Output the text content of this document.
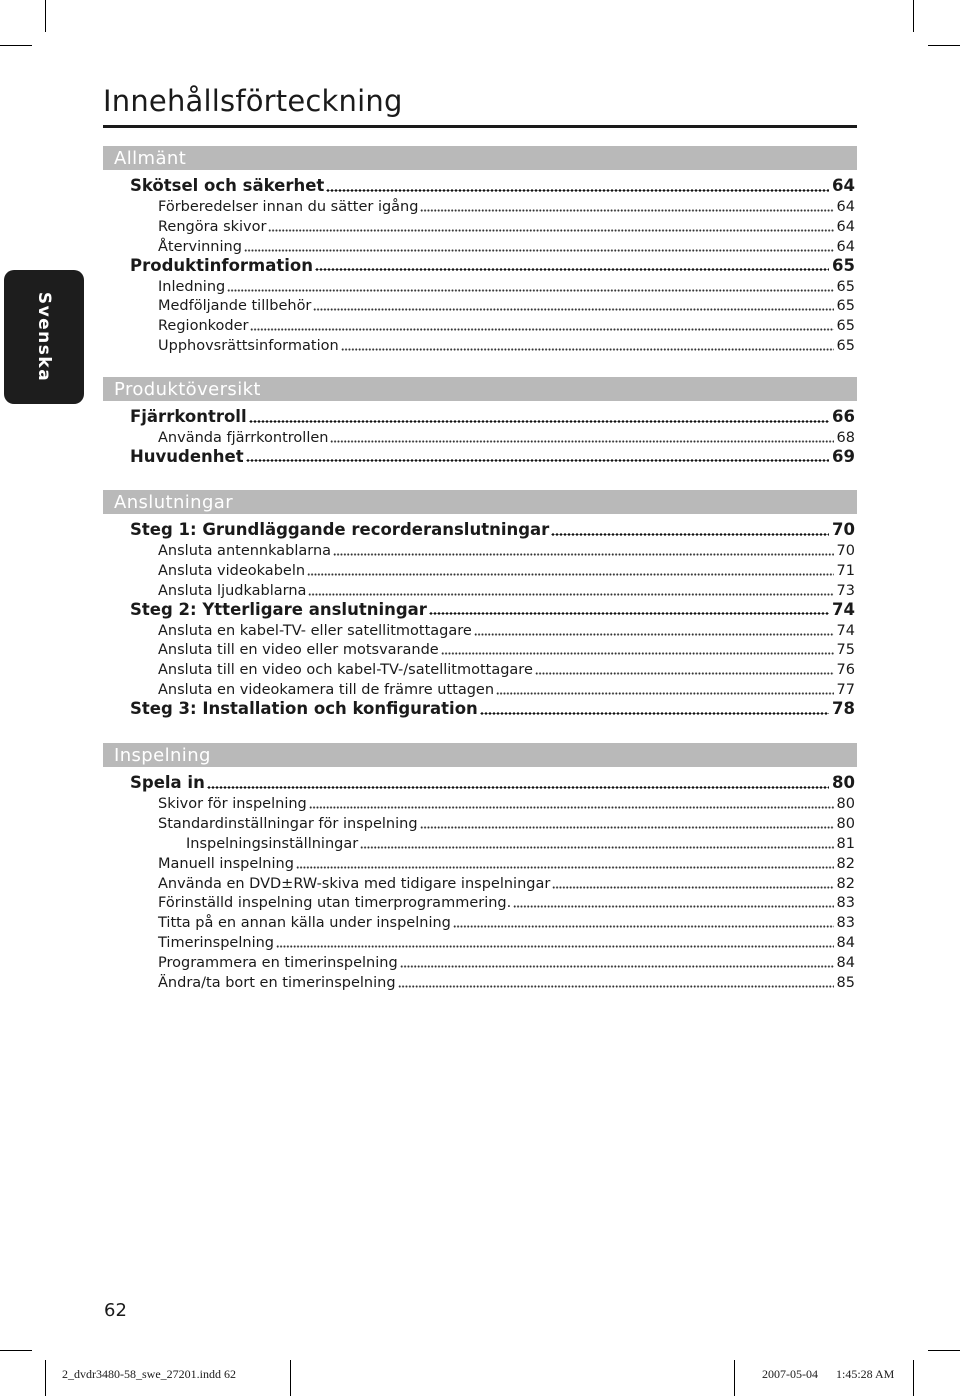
Innehållsförteckning
Svenska
Allmänt
Skötsel och säkerhet	64
Förberedelser innan du sätter igång	64
Rengöra skivor	64
Återvinning	64
Produktinformation	65
Inledning	65
Medföljande tillbehör	65
Regionkoder	65
Upphovsrättsinformation	65
Produktöversikt
Fjärrkontroll	66
Använda fjärrkontrollen	68
Huvudenhet	69
Anslutningar
Steg 1: Grundläggande recorderanslutningar	70
Ansluta antennkablarna	70
Ansluta videokabeln	71
Ansluta ljudkablarna	73
Steg 2: Ytterligare anslutningar	74
Ansluta en kabel-TV- eller satellitmottagare	74
Ansluta till en video eller motsvarande	75
Ansluta till en video och kabel-TV-/satellitmottagare	76
Ansluta en videokamera till de främre uttagen	77
Steg 3: Installation och konfiguration	78
Inspelning
Spela in	80
Skivor för inspelning	80
Standardinställningar för inspelning	80
Inspelningsinställningar	81
Manuell inspelning	82
Använda en DVD±RW-skiva med tidigare inspelningar	82
Förinställd inspelning utan timerprogrammering.	83
Titta på en annan källa under inspelning	83
Timerinspelning	84
Programmera en timerinspelning	84
Ändra/ta bort en timerinspelning	85
62
2_dvdr3480-58_swe_27201.indd 62	2007-05-04 1:45:28 AM
